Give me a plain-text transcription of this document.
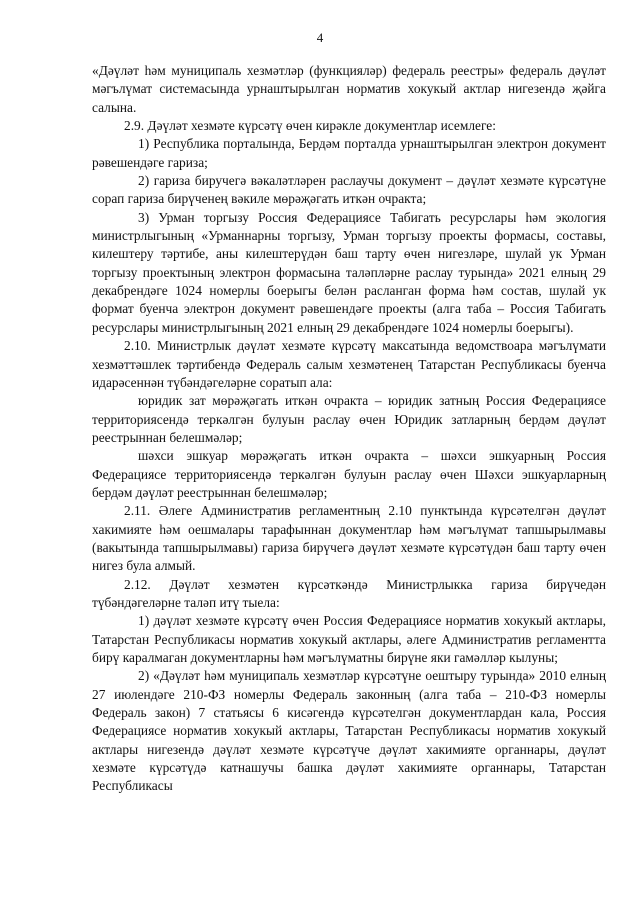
4

«Дәүләт һәм муниципаль хезмәтләр (функцияләр) федераль реестры» федераль дәүләт мәгълүмат системасында урнаштырылган норматив хокукый актлар нигезендә җәйга салына.

2.9. Дәүләт хезмәте күрсәтү өчен кирәкле документлар исемлеге:

1) Республика порталында, Бердәм порталда урнаштырылган электрон документ рәвешендәге гариза;

2) гариза биручегә вәкаләтләрен раслаучы документ – дәүләт хезмәте күрсәтүне сорап гариза бирүченең вәкиле мөрәҗәгать иткән очракта;

3) Урман торгызу Россия Федерациясе Табигать ресурслары һәм экология министрлыгының «Урманнарны торгызу, Урман торгызу проекты формасы, составы, килештеру тәртибе, аны килештерүдән баш тарту өчен нигезләре, шулай ук Урман торгызу проектының электрон формасына таләпләрне раслау турында» 2021 елның 29 декабрендәге 1024 номерлы боерыгы белән расланган форма һәм состав, шулай ук формат буенча электрон документ рәвешендәге проекты (алга таба – Россия Табигать ресурслары министрлыгының 2021 елның 29 декабрендәге 1024 номерлы боерыгы).

2.10. Министрлык дәүләт хезмәте күрсәтү максатында ведомствоара мәгълүмати хезмәттәшлек тәртибендә Федераль салым хезмәтенең Татарстан Республикасы буенча идарәсеннән түбәндәгеләрне соратып ала:

юридик зат мөрәҗәгать иткән очракта – юридик затның Россия Федерациясе территориясендә теркәлгән булуын раслау өчен Юридик затларның бердәм дәүләт реестрыннан белешмәләр;

шәхси эшкуар мөрәҗәгать иткән очракта – шәхси эшкуарның Россия Федерациясе территориясендә теркәлгән булуын раслау өчен Шәхси эшкуарларның бердәм дәүләт реестрыннан белешмәләр;

2.11. Әлеге Административ регламентның 2.10 пунктында күрсәтелгән дәүләт хакимияте һәм оешмалары тарафыннан документлар һәм мәгълүмат тапшырылмавы (вакытында тапшырылмавы) гариза бирүчегә дәүләт хезмәте күрсәтүдән баш тарту өчен нигез була алмый.

2.12. Дәүләт хезмәтен күрсәткәндә Министрлыкка гариза бирүчедән түбәндәгеләрне таләп итү тыела:

1) дәүләт хезмәте күрсәтү өчен Россия Федерациясе норматив хокукый актлары, Татарстан Республикасы норматив хокукый актлары, әлеге Административ регламентта бирү каралмаган документларны һәм мәгълүматны бирүне яки гамәлләр кылуны;

2) «Дәүләт һәм муниципаль хезмәтләр күрсәтүне оештыру турында» 2010 елның 27 июлендәге 210-ФЗ номерлы Федераль законның (алга таба – 210-ФЗ номерлы Федераль закон) 7 статьясы 6 кисәгендә күрсәтелгән документлардан кала, Россия Федерациясе норматив хокукый актлары, Татарстан Республикасы норматив хокукый актлары нигезендә дәүләт хезмәте күрсәтүче дәүләт хакимияте органнары, дәүләт хезмәте күрсәтүдә катнашучы башка дәүләт хакимияте органнары, Татарстан Республикасы
